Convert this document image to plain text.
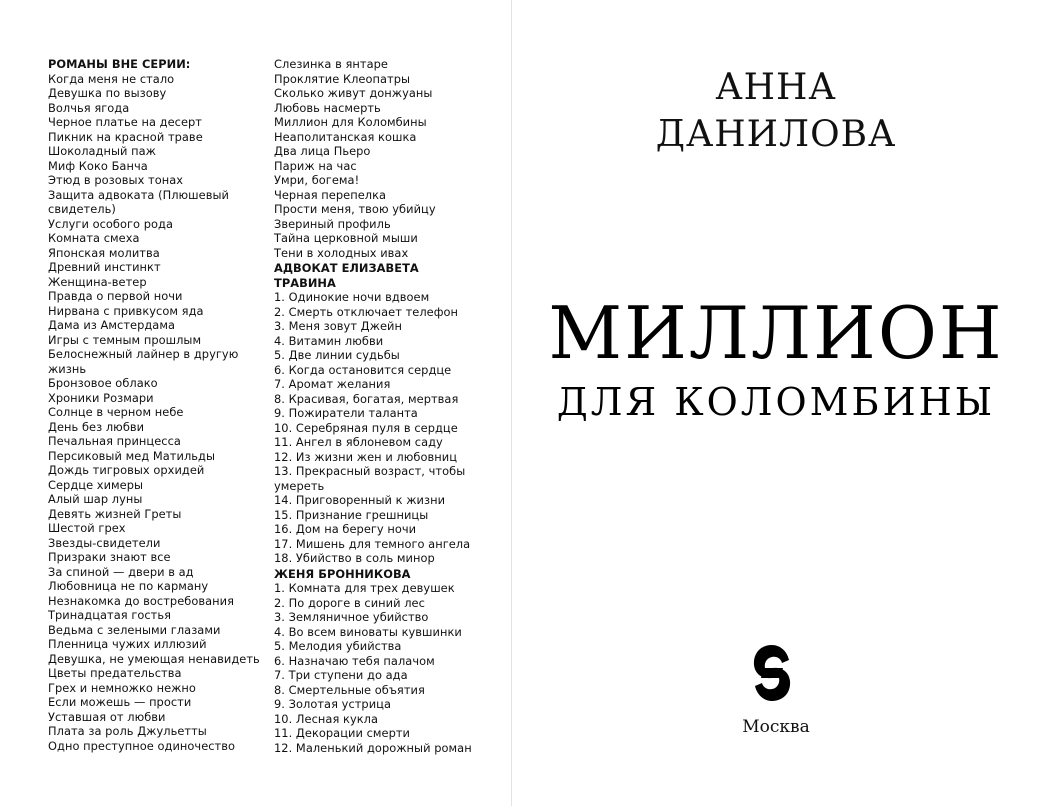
РОМАНЫ ВНЕ СЕРИИ:
Когда меня не стало
Девушка по вызову
Волчья ягода
Черное платье на десерт
Пикник на красной траве
Шоколадный паж
Миф Коко Банча
Этюд в розовых тонах
Защита адвоката (Плюшевый свидетель)
Услуги особого рода
Комната смеха
Японская молитва
Древний инстинкт
Женщина-ветер
Правда о первой ночи
Нирвана с привкусом яда
Дама из Амстердама
Игры с темным прошлым
Белоснежный лайнер в другую жизнь
Бронзовое облако
Хроники Розмари
Солнце в черном небе
День без любви
Печальная принцесса
Персиковый мед Матильды
Дождь тигровых орхидей
Сердце химеры
Алый шар луны
Девять жизней Греты
Шестой грех
Звезды-свидетели
Призраки знают все
За спиной — двери в ад
Любовница не по карману
Незнакомка до востребования
Тринадцатая гостья
Ведьма с зелеными глазами
Пленница чужих иллюзий
Девушка, не умеющая ненавидеть
Цветы предательства
Грех и немножко нежно
Если можешь — прости
Уставшая от любви
Плата за роль Джульетты
Одно преступное одиночество
Слезинка в янтаре
Проклятие Клеопатры
Сколько живут донжуаны
Любовь насмерть
Миллион для Коломбины
Неаполитанская кошка
Два лица Пьеро
Париж на час
Умри, богема!
Черная перепелка
Прости меня, твою убийцу
Звериный профиль
Тайна церковной мыши
Тени в холодных ивах
АДВОКАТ ЕЛИЗАВЕТА ТРАВИНА
1. Одинокие ночи вдвоем
2. Смерть отключает телефон
3. Меня зовут Джейн
4. Витамин любви
5. Две линии судьбы
6. Когда остановится сердце
7. Аромат желания
8. Красивая, богатая, мертвая
9. Пожиратели таланта
10. Серебряная пуля в сердце
11. Ангел в яблоневом саду
12. Из жизни жен и любовниц
13. Прекрасный возраст, чтобы умереть
14. Приговоренный к жизни
15. Признание грешницы
16. Дом на берегу ночи
17. Мишень для темного ангела
18. Убийство в соль минор
ЖЕНЯ БРОННИКОВА
1. Комната для трех девушек
2. По дороге в синий лес
3. Земляничное убийство
4. Во всем виноваты кувшинки
5. Мелодия убийства
6. Назначаю тебя палачом
7. Три ступени до ада
8. Смертельные объятия
9. Золотая устрица
10. Лесная кукла
11. Декорации смерти
12. Маленький дорожный роман
АННА
ДАНИЛОВА
МИЛЛИОН
ДЛЯ КОЛОМБИНЫ
Москва
